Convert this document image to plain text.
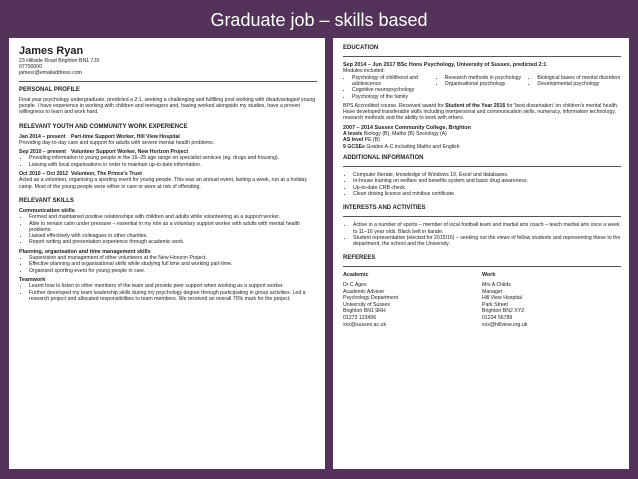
Graduate job – skills based
James Ryan
23 Hillside Road Brighton BN1 7JX
07700000
jamesr@emailaddress.com
PERSONAL PROFILE

Final year psychology undergraduate, predicted a 2:1, seeking a challenging and fulfilling post working with disadvantaged young people. I have experience in working with children and teenagers and, having worked alongside my studies, have a proven willingness to learn and work hard.

RELEVANT YOUTH AND COMMUNITY WORK EXPERIENCE
Jan 2014 – present	Part-time Support Worker, Hill View Hospital

Providing day-to-day care and support for adults with severe mental health problems.

Sep 2010 – present Volunteer Support Worker, New Horizon Project
• Providing information to young people in the 16–25 age range on specialist services (eg. drugs and housing).
• Liaising with local organisations in order to maintain up-to-date information.
Oct 2010 – Oct 2012 Volunteer, The Prince's Trust

Acted as a volunteer, organising a sporting event for young people. This was an annual event, lasting a week, run at a holiday camp. Most of the young people were either in care or were at risk of offending.

RELEVANT SKILLS
Communication skills
• Formed and maintained positive relationships with children and adults while volunteering as a support worker.
• Able to remain calm under pressure – essential in my role as a voluntary support worker with adults with mental health problems.
• Liaised effectively with colleagues in other charities.
• Report writing and presentation experience through academic work.
Planning, organisation and time management skills
• Supervision and management of other volunteers at the New Horizon Project.
• Effective planning and organisational skills while studying full time and working part-time.
• Organised sporting event for young people in care.
Teamwork
• Learnt how to listen to other members of the team and provide peer support when working as a support worker.
• Further developed my team leadership skills during my psychology degree through participating in group activities. Led a research project and allocated responsibilities to team members. We received an overall 70% mark for the project.
EDUCATION
Sep 2014 – Jun 2017 BSc Hons Psychology, University of Sussex, predicted 2:1
Modules included:
• Psychology of childhood and adolescence
• Cognitive neuropsychology
• Psychology of the family
• Research methods in psychology
• Organisational psychology
• Biological bases of mental disorders
• Developmental psychology

BPS Accredited course. Received award for Student of the Year 2016 for 'best dissertation' on children's mental health. Have developed transferable skills including interpersonal and communication skills, numeracy, information technology, research methods and the ability to work with others.

2007 – 2014 Sussex Community College, Brighton
A levels Biology (B), Maths (B) Sociology (A)
AS level PE (B)
9 GCSEs Grades A-C including Maths and English
ADDITIONAL INFORMATION
• Computer literate, knowledge of Windows 10, Excel and databases.
• In-house training on welfare and benefits system and basic drug awareness.
• Up-to-date CRB check.
• Clean driving licence and minibus certificate.
INTERESTS AND ACTIVITIES
• Active in a number of sports – member of local football team and martial arts coach – teach martial arts once a week to 11–16 year olds. Black belt in karate.
• Student representative (elected for 2015/16) – seeking out the views of fellow students and representing these to the department, the school and the University.
REFEREES
Academic
Dr C Ages
Academic Adviser
Psychology Department
University of Sussex
Brighton BN1 9RH
01273 123456
xxx@sussex.ac.uk
Work
Mrs A Childs
Manager
Hill View Hospital
Park Street
Brighton BN2 XYZ
01234 56789
xxx@hillview.org.uk
